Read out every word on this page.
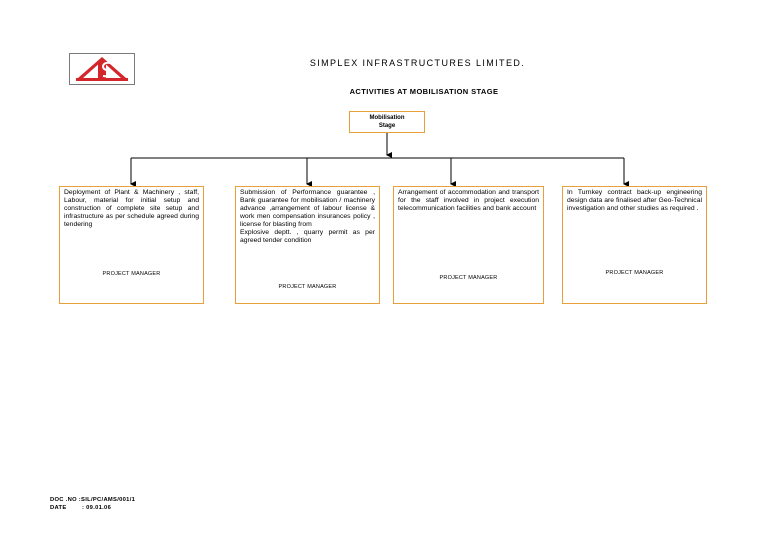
SIMPLEX INFRASTRUCTURES LIMITED.
ACTIVITIES AT MOBILISATION STAGE
Mobilisation
Stage

Deployment of Plant & Machinery , staff, Labour, material for initial setup and construction of complete site setup and infrastructure as per schedule agreed during tendering

PROJECT MANAGER

Submission of Performance guarantee , Bank guarantee for mobilisation / machinery advance ,arrangement of labour license & work men compensation insurances policy , license for blasting from

Explosive deptt. , quarry permit as per agreed tender condition

PROJECT MANAGER

Arrangement of accommodation and transport for the staff involved in project execution telecommunication facilities and bank account

PROJECT MANAGER

In Turnkey contract back-up engineering design data are finalised after Geo-Technical investigation and other studies as required .

PROJECT MANAGER
DOC .NO :SIL/PC/AMS/001/1
DATE	: 09.01.06
